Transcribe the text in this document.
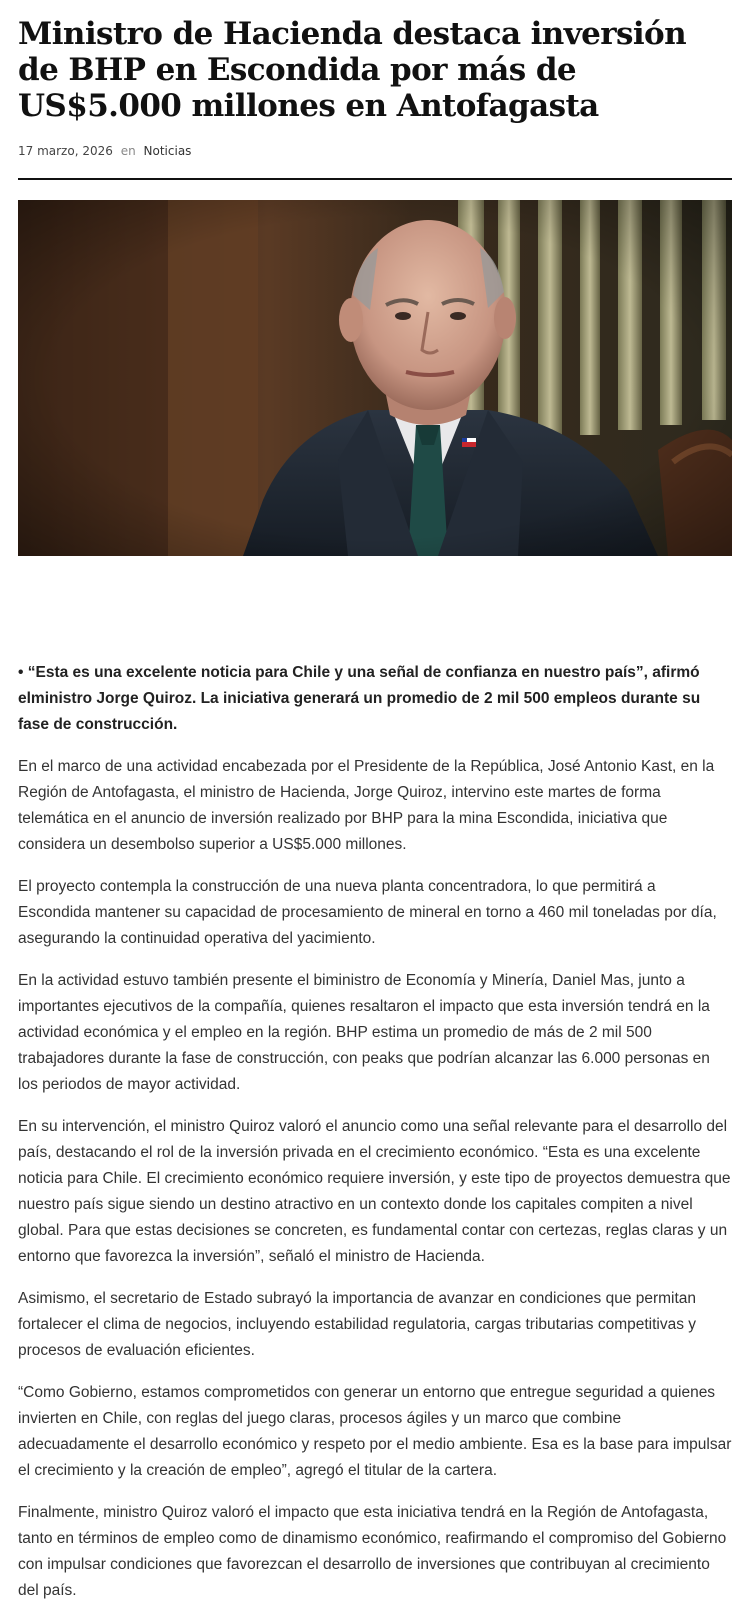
Ministro de Hacienda destaca inversión de BHP en Escondida por más de US$5.000 millones en Antofagasta
17 marzo, 2026 en Noticias

• “Esta es una excelente noticia para Chile y una señal de confianza en nuestro país”, afirmó elministro Jorge Quiroz. La iniciativa generará un promedio de 2 mil 500 empleos durante su fase de construcción.

En el marco de una actividad encabezada por el Presidente de la República, José Antonio Kast, en la Región de Antofagasta, el ministro de Hacienda, Jorge Quiroz, intervino este martes de forma telemática en el anuncio de inversión realizado por BHP para la mina Escondida, iniciativa que considera un desembolso superior a US$5.000 millones.

El proyecto contempla la construcción de una nueva planta concentradora, lo que permitirá a Escondida mantener su capacidad de procesamiento de mineral en torno a 460 mil toneladas por día, asegurando la continuidad operativa del yacimiento.

En la actividad estuvo también presente el biministro de Economía y Minería, Daniel Mas, junto a importantes ejecutivos de la compañía, quienes resaltaron el impacto que esta inversión tendrá en la actividad económica y el empleo en la región. BHP estima un promedio de más de 2 mil 500 trabajadores durante la fase de construcción, con peaks que podrían alcanzar las 6.000 personas en los periodos de mayor actividad.

En su intervención, el ministro Quiroz valoró el anuncio como una señal relevante para el desarrollo del país, destacando el rol de la inversión privada en el crecimiento económico. “Esta es una excelente noticia para Chile. El crecimiento económico requiere inversión, y este tipo de proyectos demuestra que nuestro país sigue siendo un destino atractivo en un contexto donde los capitales compiten a nivel global. Para que estas decisiones se concreten, es fundamental contar con certezas, reglas claras y un entorno que favorezca la inversión”, señaló el ministro de Hacienda.

Asimismo, el secretario de Estado subrayó la importancia de avanzar en condiciones que permitan fortalecer el clima de negocios, incluyendo estabilidad regulatoria, cargas tributarias competitivas y procesos de evaluación eficientes.

“Como Gobierno, estamos comprometidos con generar un entorno que entregue seguridad a quienes invierten en Chile, con reglas del juego claras, procesos ágiles y un marco que combine adecuadamente el desarrollo económico y respeto por el medio ambiente. Esa es la base para impulsar el crecimiento y la creación de empleo”, agregó el titular de la cartera.

Finalmente, ministro Quiroz valoró el impacto que esta iniciativa tendrá en la Región de Antofagasta, tanto en términos de empleo como de dinamismo económico, reafirmando el compromiso del Gobierno con impulsar condiciones que favorezcan el desarrollo de inversiones que contribuyan al crecimiento del país.
